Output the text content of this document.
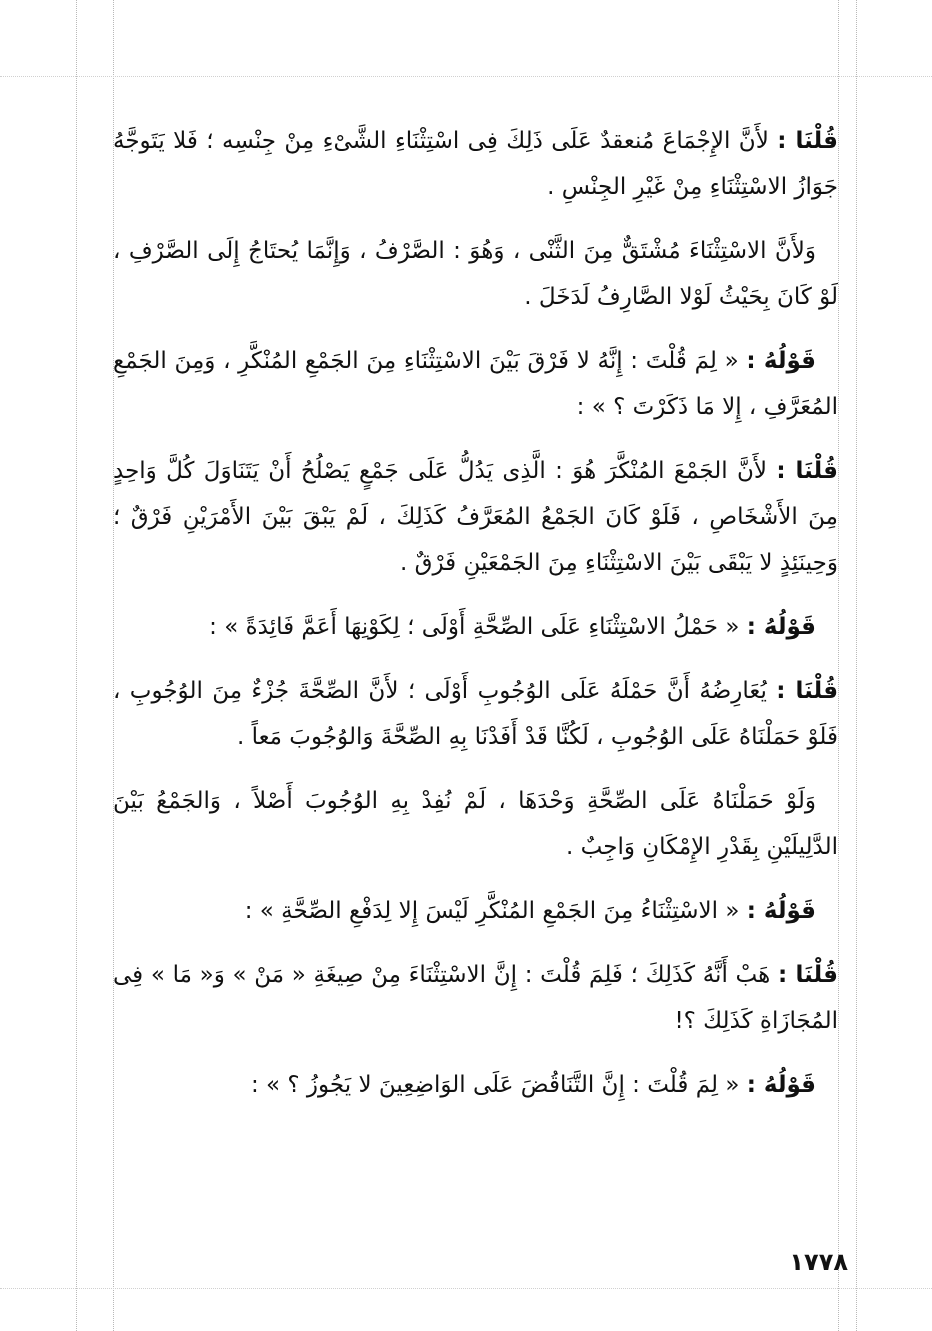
قُلْنَا : لأَنَّ الإِجْمَاعَ مُنعقدٌ عَلَى ذَلِكَ فِى اسْتِثْنَاءِ الشَّىْءِ مِنْ جِنْسِه ؛ فَلا يَتَوجَّهُ جَوَازُ الاسْتِثْنَاءِ مِنْ غَيْرِ الجِنْسِ .

وَلأَنَّ الاسْتِثْنَاءَ مُشْتَقٌّ مِنَ الثَّنْى ، وَهُوَ : الصَّرْفُ ، وَإِنَّمَا يُحتَاجُ إِلَى الصَّرْفِ ، لَوْ كَانَ بِحَيْثُ لَوْلا الصَّارِفُ لَدَخَلَ .

قَوْلُهُ : « لِمَ قُلْتَ : إِنَّهُ لا فَرْقَ بَيْنَ الاسْتِثْنَاءِ مِنَ الجَمْعِ المُنْكَّرِ ، وَمِنَ الجَمْعِ المُعَرَّفِ ، إِلا مَا ذَكَرْتَ ؟ » :

قُلْنَا : لأَنَّ الجَمْعَ المُنْكَّرَ هُوَ : الَّذِى يَدُلُّ عَلَى جَمْعٍ يَصْلُحُ أَنْ يَتَنَاوَلَ كُلَّ وَاحِدٍ مِنَ الأَشْخَاصِ ، فَلَوْ كَانَ الجَمْعُ المُعَرَّفُ كَذَلِكَ ، لَمْ يَبْقَ بَيْنَ الأَمْرَيْنِ فَرْقٌ ؛ وَحِينَئِذٍ لا يَبْقَى بَيْنَ الاسْتِثْنَاءِ مِنَ الجَمْعَيْنِ فَرْقٌ .

قَوْلُهُ : « حَمْلُ الاسْتِثْنَاءِ عَلَى الصِّحَّةِ أَوْلَى ؛ لِكَوْنِهَا أَعَمَّ فَائِدَةً » :

قُلْنَا : يُعَارِضُهُ أَنَّ حَمْلَهُ عَلَى الوُجُوبِ أَوْلَى ؛ لأَنَّ الصِّحَّةَ جُزْءٌ مِنَ الوُجُوبِ ، فَلَوْ حَمَلْنَاهُ عَلَى الوُجُوبِ ، لَكُنَّا قَدْ أَفَدْنَا بِهِ الصِّحَّةَ وَالوُجُوبَ مَعاً .

وَلَوْ حَمَلْنَاهُ عَلَى الصِّحَّةِ وَحْدَهَا ، لَمْ نُفِدْ بِهِ الوُجُوبَ أَصْلاً ، وَالجَمْعُ بَيْنَ الدَّلِيلَيْنِ بِقَدْرِ الإِمْكَانِ وَاجِبٌ .

قَوْلُهُ : « الاسْتِثْنَاءُ مِنَ الجَمْعِ المُنْكَّرِ لَيْسَ إِلا لِدَفْعِ الصِّحَّةِ » :

قُلْنَا : هَبْ أَنَّهُ كَذَلِكَ ؛ فَلِمَ قُلْتَ : إِنَّ الاسْتِثْنَاءَ مِنْ صِيغَةِ « مَنْ » وَ« مَا » فِى المُجَازَاةِ كَذَلِكَ ؟!

قَوْلُهُ : « لِمَ قُلْتَ : إِنَّ التَّنَاقُضَ عَلَى الوَاضِعِينَ لا يَجُوزُ ؟ » :

١٧٧٨
